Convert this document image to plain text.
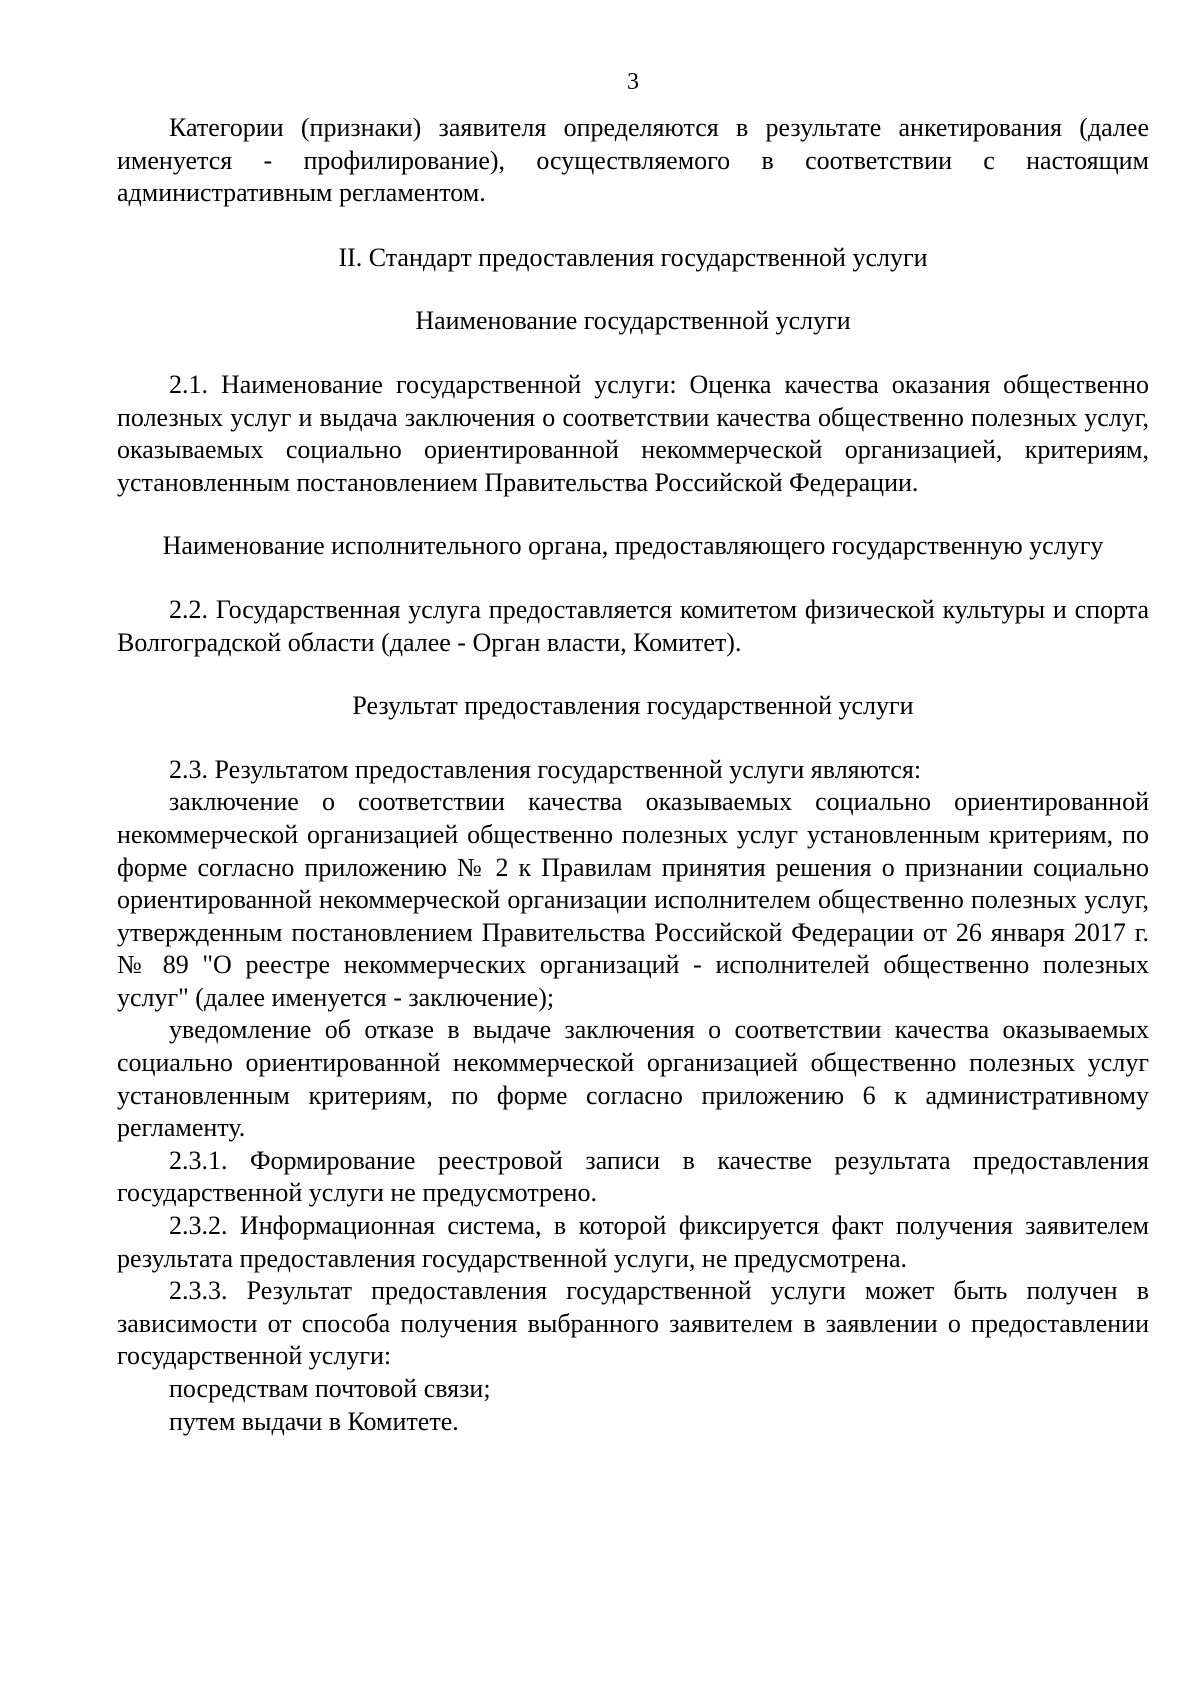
3

Категории (признаки) заявителя определяются в результате анкетирования (далее именуется - профилирование), осуществляемого в соответствии с настоящим административным регламентом.

II. Стандарт предоставления государственной услуги

Наименование государственной услуги

2.1. Наименование государственной услуги: Оценка качества оказания общественно полезных услуг и выдача заключения о соответствии качества общественно полезных услуг, оказываемых социально ориентированной некоммерческой организацией, критериям, установленным постановлением Правительства Российской Федерации.

Наименование исполнительного органа, предоставляющего государственную услугу

2.2. Государственная услуга предоставляется комитетом физической культуры и спорта Волгоградской области (далее - Орган власти, Комитет).

Результат предоставления государственной услуги

2.3. Результатом предоставления государственной услуги являются:

заключение о соответствии качества оказываемых социально ориентированной некоммерческой организацией общественно полезных услуг установленным критериям, по форме согласно приложению № 2 к Правилам принятия решения о признании социально ориентированной некоммерческой организации исполнителем общественно полезных услуг, утвержденным постановлением Правительства Российской Федерации от 26 января 2017 г. № 89 "О реестре некоммерческих организаций - исполнителей общественно полезных услуг" (далее именуется - заключение);

уведомление об отказе в выдаче заключения о соответствии качества оказываемых социально ориентированной некоммерческой организацией общественно полезных услуг установленным критериям, по форме согласно приложению 6 к административному регламенту.

2.3.1. Формирование реестровой записи в качестве результата предоставления государственной услуги не предусмотрено.

2.3.2. Информационная система, в которой фиксируется факт получения заявителем результата предоставления государственной услуги, не предусмотрена.

2.3.3. Результат предоставления государственной услуги может быть получен в зависимости от способа получения выбранного заявителем в заявлении о предоставлении государственной услуги:

посредствам почтовой связи;

путем выдачи в Комитете.
